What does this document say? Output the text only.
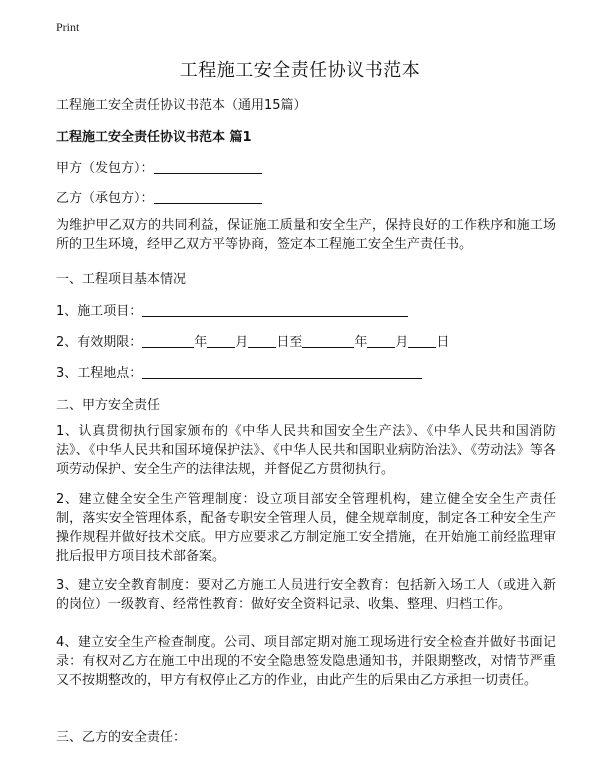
Print
工程施工安全责任协议书范本
工程施工安全责任协议书范本（通用15篇）
工程施工安全责任协议书范本 篇1
甲方（发包方）：
乙方（承包方）：
为维护甲乙双方的共同利益，保证施工质量和安全生产，保持良好的工作秩序和施工场所的卫生环境，经甲乙双方平等协商，签定本工程施工安全生产责任书。
一、工程项目基本情况
1、施工项目：
2、有效期限：	年 月 日至	年 月 日
3、工程地点：
二、甲方安全责任
1、认真贯彻执行国家颁布的《中华人民共和国安全生产法》、《中华人民共和国消防法》、《中华人民共和国环境保护法》、《中华人民共和国职业病防治法》、《劳动法》等各项劳动保护、安全生产的法律法规，并督促乙方贯彻执行。
2、建立健全安全生产管理制度：设立项目部安全管理机构，建立健全安全生产责任制，落实安全管理体系，配备专职安全管理人员，健全规章制度，制定各工种安全生产操作规程并做好技术交底。甲方应要求乙方制定施工安全措施，在开始施工前经监理审批后报甲方项目技术部备案。
3、建立安全教育制度：要对乙方施工人员进行安全教育：包括新入场工人（或进入新的岗位）一级教育、经常性教育：做好安全资料记录、收集、整理、归档工作。
4、建立安全生产检查制度。公司、项目部定期对施工现场进行安全检查并做好书面记录：有权对乙方在施工中出现的不安全隐患签发隐患通知书，并限期整改，对情节严重又不按期整改的，甲方有权停止乙方的作业，由此产生的后果由乙方承担一切责任。
三、乙方的安全责任：
